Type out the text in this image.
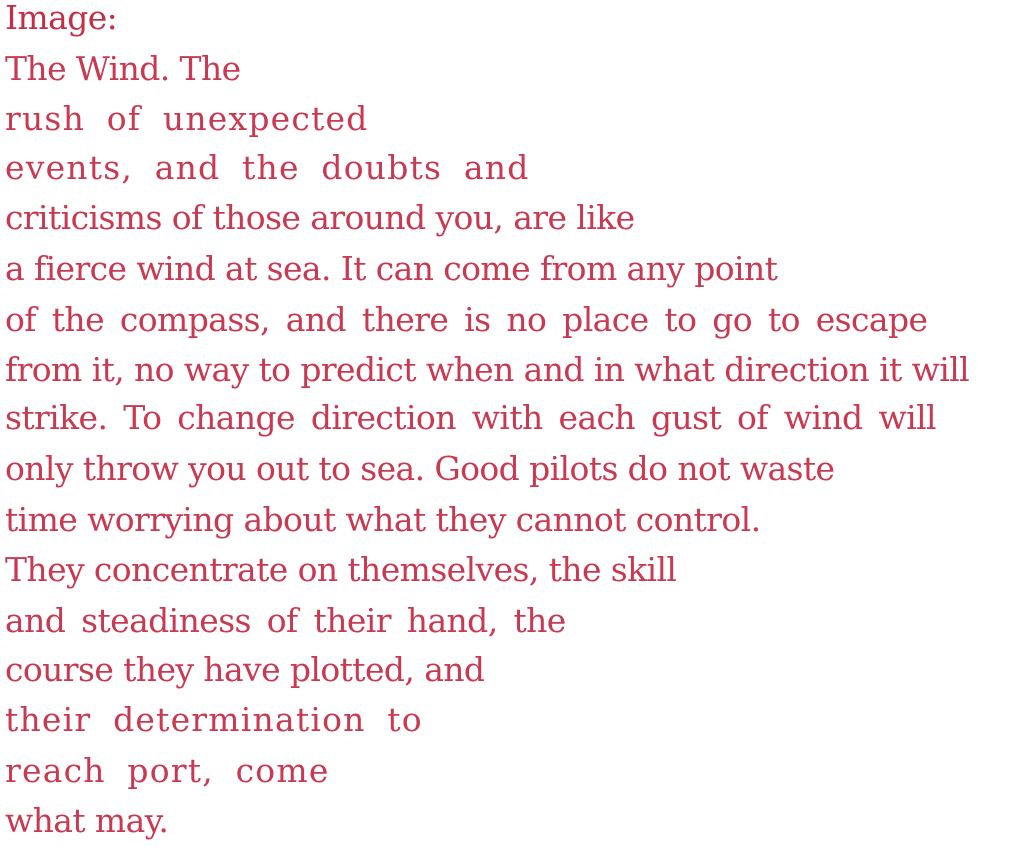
Image:

The Wind. The

rush of unexpected

events, and the doubts and

criticisms of those around you, are like

a fierce wind at sea. It can come from any point

of the compass, and there is no place to go to escape

from it, no way to predict when and in what direction it will

strike. To change direction with each gust of wind will

only throw you out to sea. Good pilots do not waste

time worrying about what they cannot control.

They concentrate on themselves, the skill

and steadiness of their hand, the

course they have plotted, and

their determination to

reach port, come

what may.
